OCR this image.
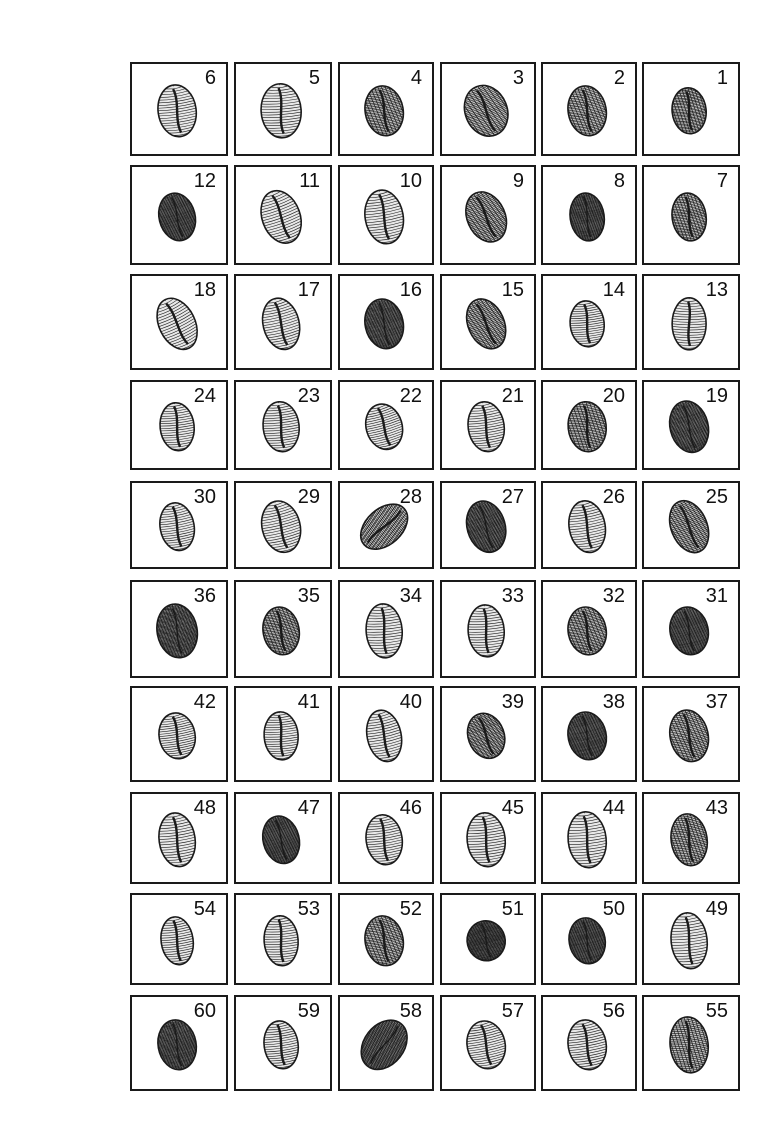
6	5	4	3	2	1
12	11	10	9	8	7
18	17	16	15	14	13
24	23	22	21	20	19
30	29	28	27	26	25
36	35	34	33	32	31
42	41	40	39	38	37
48	47	46	45	44	43
54	53	52	51	50	49
60	59	58	57	56	55
